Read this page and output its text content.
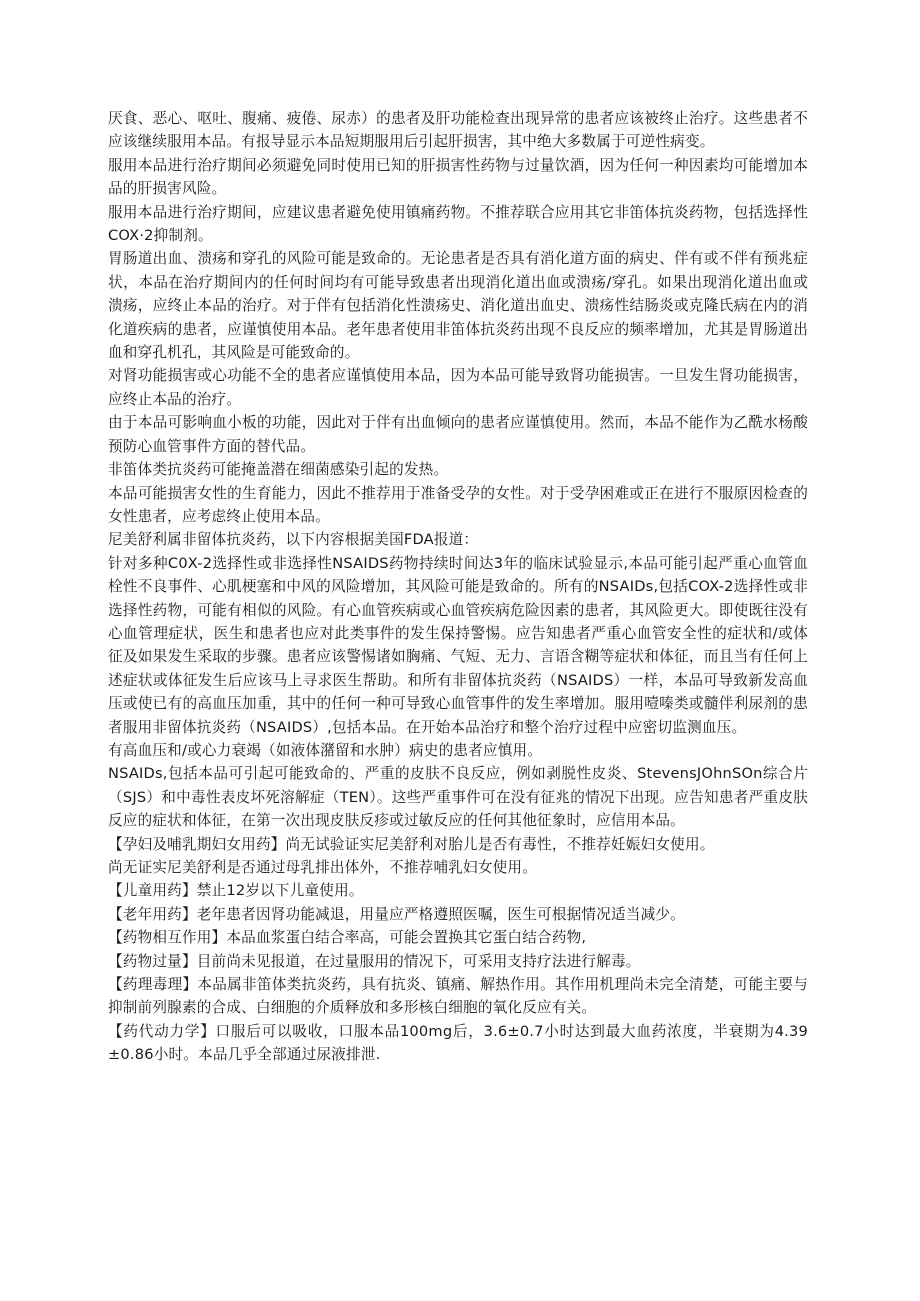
厌食、恶心、呕吐、腹痛、疲倦、尿赤）的患者及肝功能检查出现异常的患者应该被终止治疗。这些患者不应该继续服用本品。有报导显示本品短期服用后引起肝损害，其中绝大多数属于可逆性病变。

服用本品进行治疗期间必须避免同时使用已知的肝损害性药物与过量饮酒，因为任何一种因素均可能增加本品的肝损害风险。

服用本品进行治疗期间，应建议患者避免使用镇痛药物。不推荐联合应用其它非笛体抗炎药物，包括选择性COX·2抑制剂。

胃肠道出血、溃疡和穿孔的风险可能是致命的。无论患者是否具有消化道方面的病史、伴有或不伴有预兆症状，本品在治疗期间内的任何时间均有可能导致患者出现消化道出血或溃疡/穿孔。如果出现消化道出血或溃疡，应终止本品的治疗。对于伴有包括消化性溃疡史、消化道出血史、溃疡性结肠炎或克隆氏病在内的消化道疾病的患者，应谨慎使用本品。老年患者使用非笛体抗炎药出现不良反应的频率增加，尤其是胃肠道出血和穿孔机孔，其风险是可能致命的。

对肾功能损害或心功能不全的患者应谨慎使用本品，因为本品可能导致肾功能损害。一旦发生肾功能损害，应终止本品的治疗。

由于本品可影响血小板的功能，因此对于伴有出血倾向的患者应谨慎使用。然而，本品不能作为乙酰水杨酸预防心血管事件方面的替代品。

非笛体类抗炎药可能掩盖潜在细菌感染引起的发热。

本品可能损害女性的生育能力，因此不推荐用于准备受孕的女性。对于受孕困难或正在进行不服原因检查的女性患者，应考虑终止使用本品。

尼美舒利属非留体抗炎药，以下内容根据美国FDA报道：

针对多种C0X-2选择性或非选择性NSAIDS药物持续时间达3年的临床试验显示,本品可能引起严重心血管血栓性不良事件、心肌梗塞和中风的风险增加，其风险可能是致命的。所有的NSAIDs,包括COX-2选择性或非选择性药物，可能有相似的风险。有心血管疾病或心血管疾病危险因素的患者，其风险更大。即使既往没有心血管理症状，医生和患者也应对此类事件的发生保持警惕。应告知患者严重心血管安全性的症状和/或体征及如果发生采取的步骤。患者应该警惕诸如胸痛、气短、无力、言语含糊等症状和体征，而且当有任何上述症状或体征发生后应该马上寻求医生帮助。和所有非留体抗炎药（NSAIDS）一样，本品可导致新发高血压或使已有的高血压加重，其中的任何一种可导致心血管事件的发生率增加。服用噎嗪类或髓伴利尿剂的患者服用非留体抗炎药（NSAIDS）,包括本品。在开始本品治疗和整个治疗过程中应密切监测血压。

有高血压和/或心力衰竭（如液体潴留和水肿）病史的患者应慎用。

NSAIDs,包括本品可引起可能致命的、严重的皮肤不良反应，例如剥脱性皮炎、StevensJOhnSOn综合片（SJS）和中毒性表皮坏死溶解症（TEN）。这些严重事件可在没有征兆的情况下出现。应告知患者严重皮肤反应的症状和体征，在第一次出现皮肤反疹或过敏反应的任何其他征象时，应信用本品。

【孕妇及哺乳期妇女用药】尚无试验证实尼美舒利对胎儿是否有毒性，不推荐妊娠妇女使用。

尚无证实尼美舒利是否通过母乳排出体外，不推荐哺乳妇女使用。

【儿童用药】禁止12岁以下儿童使用。

【老年用药】老年患者因肾功能减退，用量应严格遵照医嘱，医生可根据情况适当减少。

【药物相互作用】本品血浆蛋白结合率高，可能会置换其它蛋白结合药物,

【药物过量】目前尚未见报道，在过量服用的情况下，可采用支持疗法进行解毒。

【药理毒理】本品属非笛体类抗炎药，具有抗炎、镇痛、解热作用。其作用机理尚未完全清楚，可能主要与抑制前列腺素的合成、白细胞的介质释放和多形核白细胞的氧化反应有关。

【药代动力学】口服后可以吸收，口服本品100mg后，3.6±0.7小时达到最大血药浓度，半衰期为4.39±0.86小时。本品几乎全部通过尿液排泄.
